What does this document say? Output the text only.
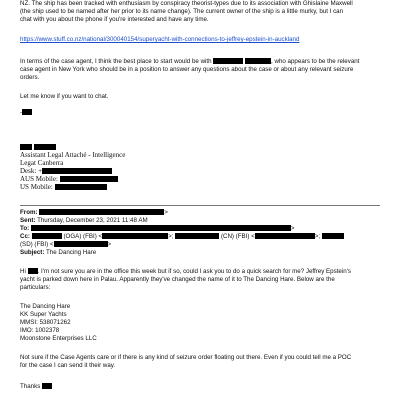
NZ. The ship has been tracked with enthusiasm by conspiracy theorist-types due to its association with Ghislaine Maxwell

(the ship used to be named after her prior to its name change). The current owner of the ship is a little murky, but I can

chat with you about the phone if you're interested and have any time.

https://www.stuff.co.nz/national/300040154/superyacht-with-connections-to-jeffrey-epstein-in-auckland

In terms of the case agent, I think the best place to start would be with	, who appears to be the relevant

case agent in New York who should be in a position to answer any questions about the case or about any relevant seizure

orders.

Let me know if you want to chat.

-

Assistant Legal Attaché - Intelligence
Legat Canberra
Desk: +
AUS Mobile:
US Mobile:
From:	>
Sent: Thursday, December 23, 2021 11:48 AM
To:	>
Cc:	(OGA) (FBI) <	>;	(CN) (FBI) <	>;
(SD) (FBI) <	>
Subject: The Dancing Hare

Hi . I'm not sure you are in the office this week but if so, could I ask you to do a quick search for me? Jeffrey Epstein's

yacht is parked down here in Palau. Apparently they've changed the name of it to The Dancing Hare. Below are the

particulars:

The Dancing Hare
KK Super Yachts
MMSI: 538071262
IMO: 1002378
Moonstone Enterprises LLC

Not sure if the Case Agents care or if there is any kind of seizure order floating out there. Even if you could tell me a POC

for the case I can send it their way.

Thanks
